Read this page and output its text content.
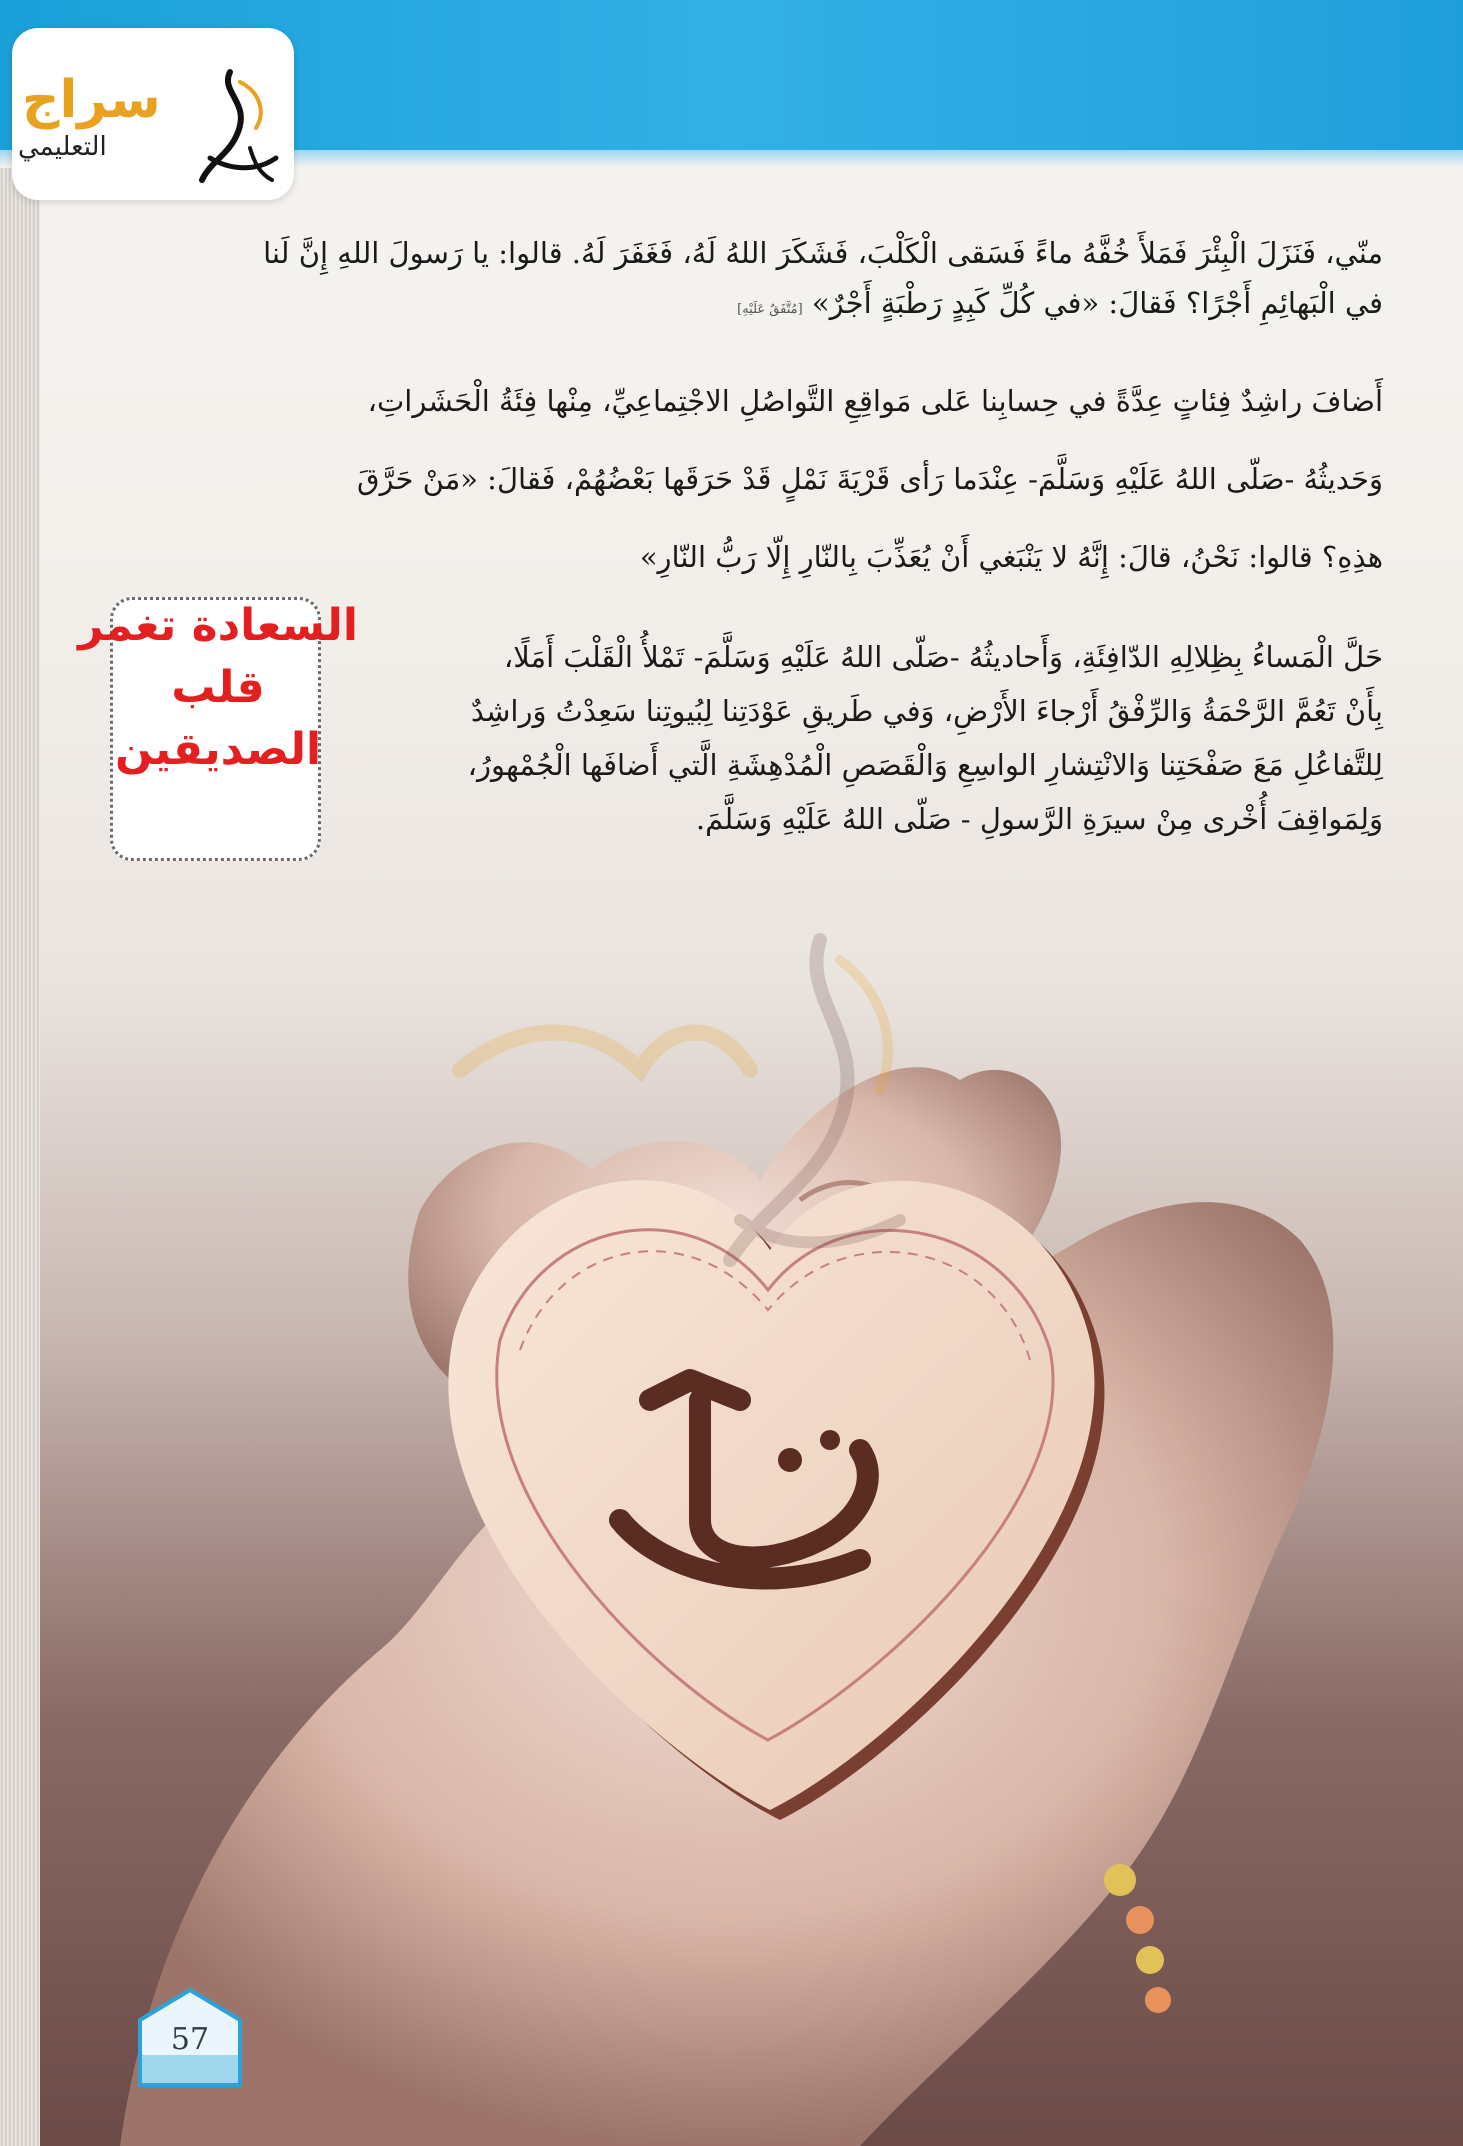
سراج
التعليمي
منّي، فَنَزَلَ الْبِئْرَ فَمَلأَ خُفَّهُ ماءً فَسَقى الْكَلْبَ، فَشَكَرَ اللهُ لَهُ، فَغَفَرَ لَهُ. قالوا: يا رَسولَ اللهِ إِنَّ لَنا
في الْبَهائِمِ أَجْرًا؟ فَقالَ: «في كُلِّ كَبِدٍ رَطْبَةٍ أَجْرٌ» [مُتَّفَقٌ عَلَيْهِ]
أَضافَ راشِدٌ فِئاتٍ عِدَّةً في حِسابِنا عَلى مَواقِعِ التَّواصُلِ الاجْتِماعِيِّ، مِنْها فِئَةُ الْحَشَراتِ،
وَحَديثُهُ -صَلّى اللهُ عَلَيْهِ وَسَلَّمَ- عِنْدَما رَأى قَرْيَةَ نَمْلٍ قَدْ حَرَقَها بَعْضُهُمْ، فَقالَ: «مَنْ حَرَّقَ
هذِهِ؟ قالوا: نَحْنُ، قالَ: إِنَّهُ لا يَنْبَغي أَنْ يُعَذِّبَ بِالنّارِ إِلّا رَبُّ النّارِ»
السعادة تغمر
قلب
الصديقين
حَلَّ الْمَساءُ بِظِلالِهِ الدّافِئَةِ، وَأَحاديثُهُ -صَلّى اللهُ عَلَيْهِ وَسَلَّمَ- تَمْلأُ الْقَلْبَ أَمَلًا،
بِأَنْ تَعُمَّ الرَّحْمَةُ وَالرِّفْقُ أَرْجاءَ الأَرْضِ، وَفي طَريقِ عَوْدَتِنا لِبُيوتِنا سَعِدْتُ وَراشِدٌ
لِلتَّفاعُلِ مَعَ صَفْحَتِنا وَالانْتِشارِ الواسِعِ وَالْقَصَصِ الْمُدْهِشَةِ الَّتي أَضافَها الْجُمْهورُ،
وَلِمَواقِفَ أُخْرى مِنْ سيرَةِ الرَّسولِ - صَلّى اللهُ عَلَيْهِ وَسَلَّمَ.
57
